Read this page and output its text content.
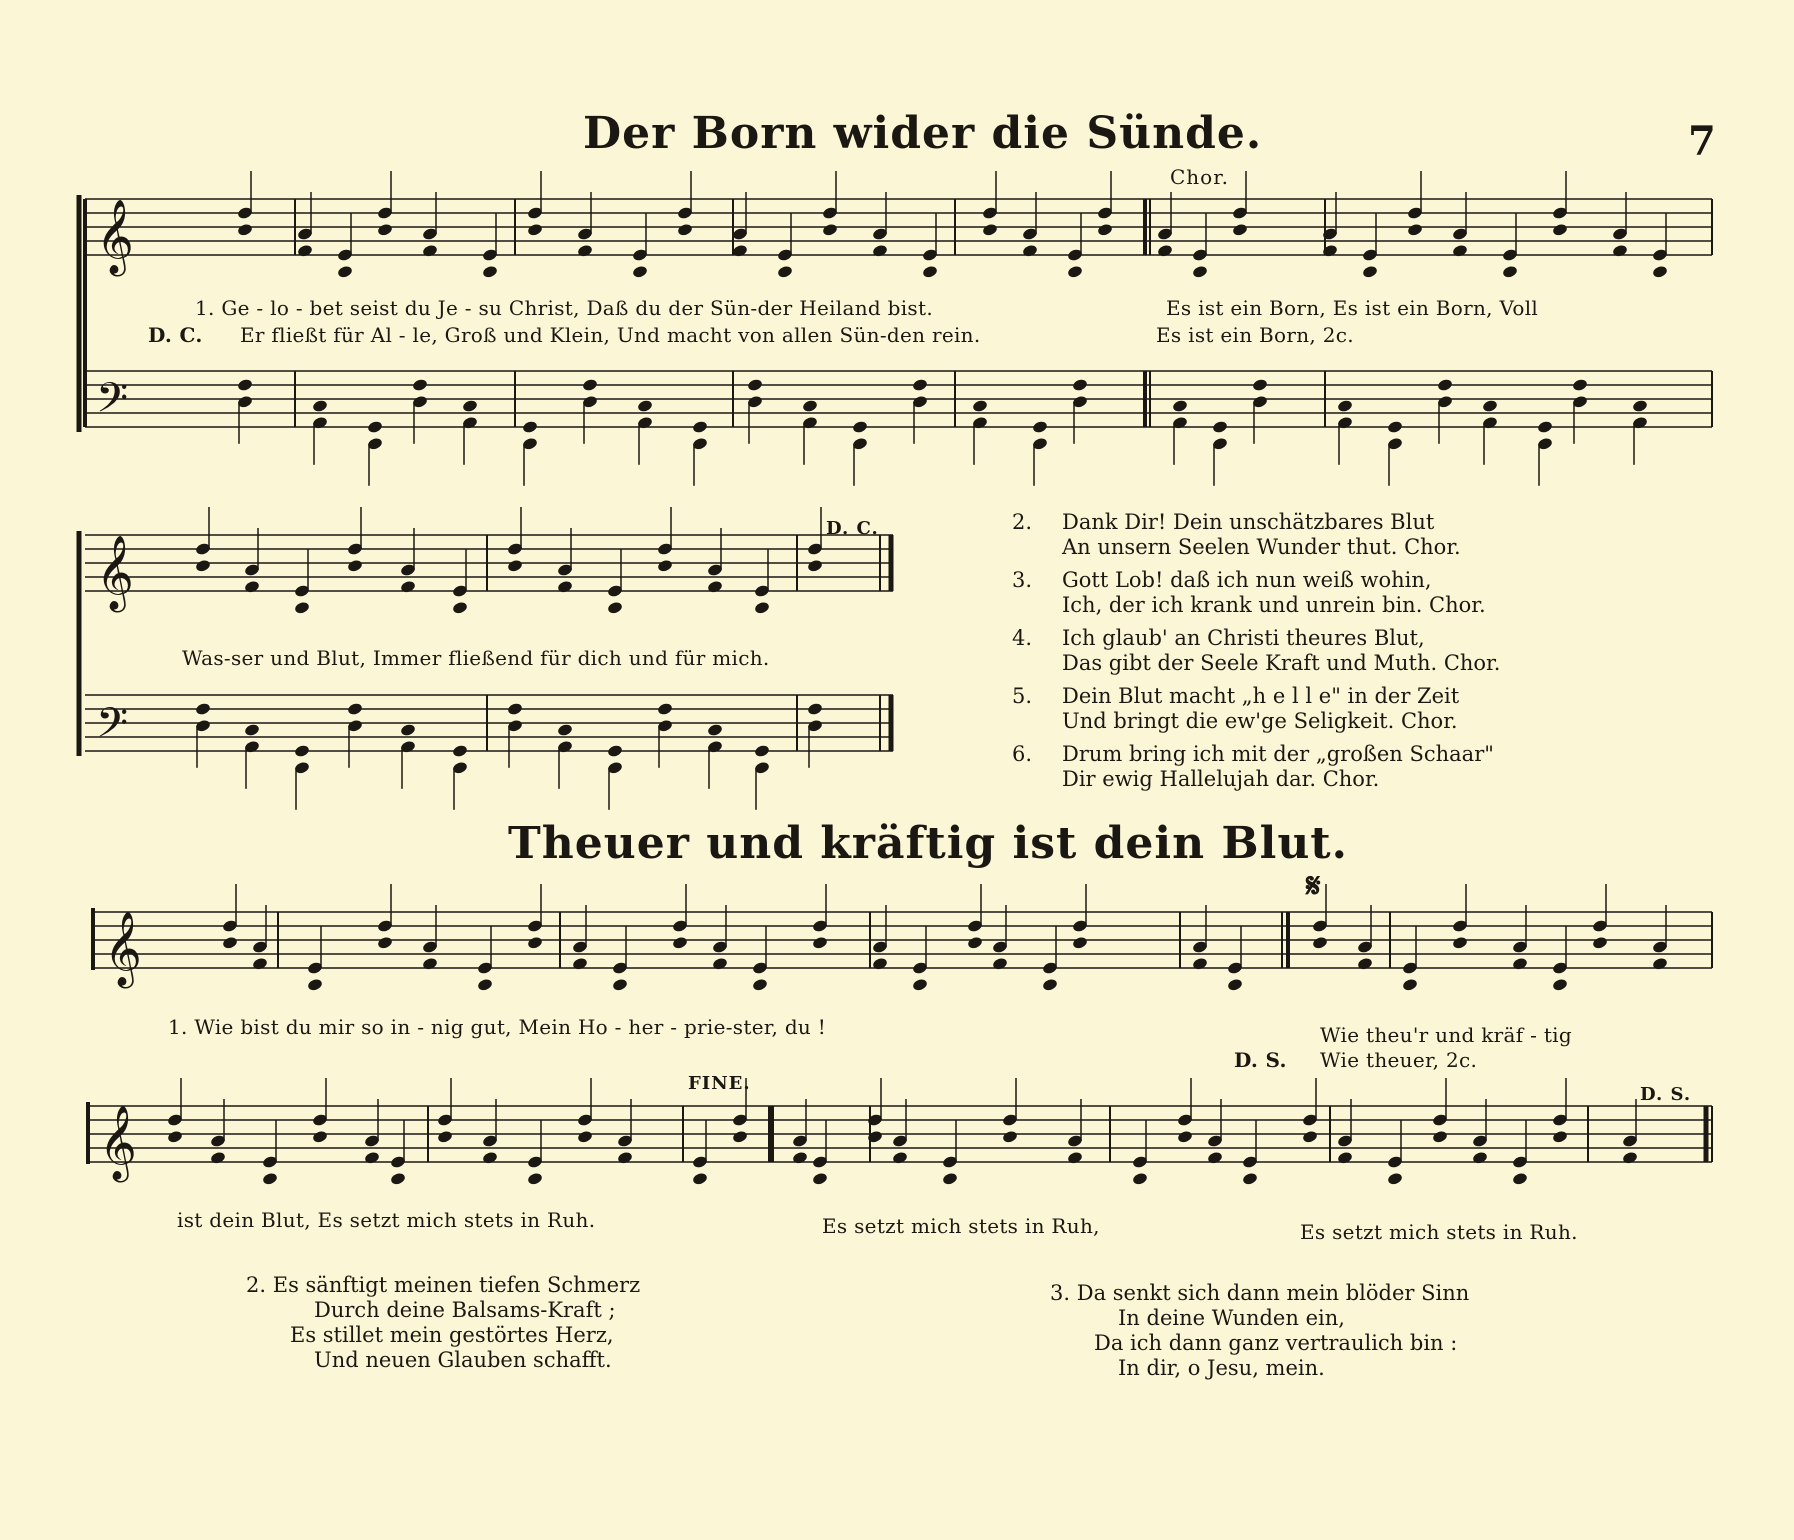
𝄞
𝄢
𝄞
𝄢
𝄞
𝄞
Der Born wider die Sünde.	7
Chor.
1. Ge - lo - bet seist du Je - su Christ, Daß du der Sün-der Heiland bist.	Es ist ein Born, Es ist ein Born, Voll
D. C. Er fließt für Al - le, Groß und Klein, Und macht von allen Sün-den rein.	Es ist ein Born, 2c.
D. C.
Was-ser und Blut, Immer fließend für dich und für mich.
2. Dank Dir! Dein unschätzbares Blut
An unsern Seelen Wunder thut. Chor.
3. Gott Lob! daß ich nun weiß wohin,
Ich, der ich krank und unrein bin. Chor.
4. Ich glaub' an Christi theures Blut,
Das gibt der Seele Kraft und Muth. Chor.
5. Dein Blut macht „h e l l e" in der Zeit
Und bringt die ew'ge Seligkeit. Chor.
6. Drum bring ich mit der „großen Schaar"
Dir ewig Hallelujah dar. Chor.
Theuer und kräftig ist dein Blut.
𝄋
1. Wie bist du mir so in - nig gut, Mein Ho - her - prie-ster, du !	Wie theu'r und kräf - tig
D. S. Wie theuer, 2c.
FINE.
D. S.
ist dein Blut, Es setzt mich stets in Ruh.	Es setzt mich stets in Ruh,	Es setzt mich stets in Ruh.
2. Es sänftigt meinen tiefen Schmerz
Durch deine Balsams-Kraft ;
Es stillet mein gestörtes Herz,
Und neuen Glauben schafft.
3. Da senkt sich dann mein blöder Sinn
In deine Wunden ein,
Da ich dann ganz vertraulich bin :
In dir, o Jesu, mein.
